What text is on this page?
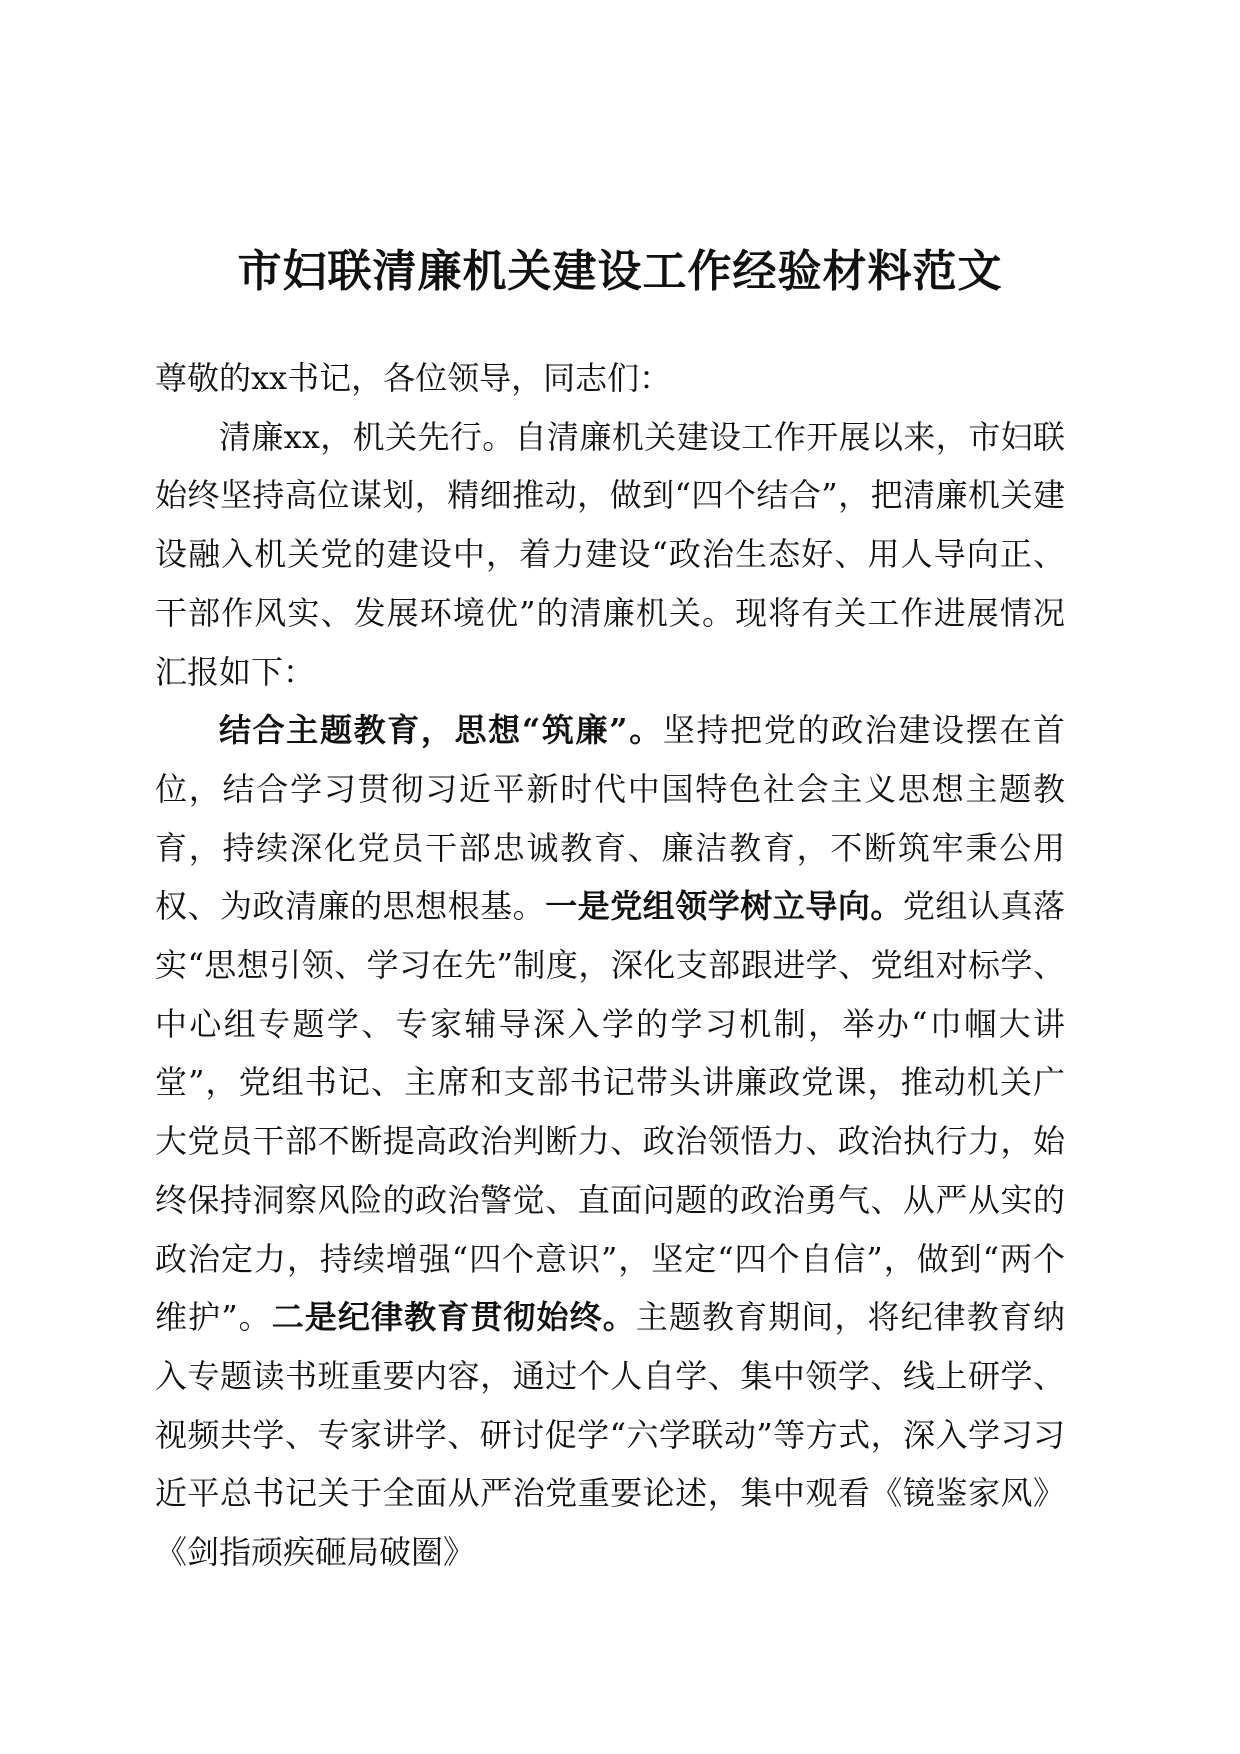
市妇联清廉机关建设工作经验材料范文

尊敬的xx书记，各位领导，同志们：

清廉xx，机关先行。自清廉机关建设工作开展以来，市妇联始终坚持高位谋划，精细推动，做到“四个结合”，把清廉机关建设融入机关党的建设中，着力建设“政治生态好、用人导向正、干部作风实、发展环境优”的清廉机关。现将有关工作进展情况汇报如下：

结合主题教育，思想“筑廉”。坚持把党的政治建设摆在首位，结合学习贯彻习近平新时代中国特色社会主义思想主题教育，持续深化党员干部忠诚教育、廉洁教育，不断筑牢秉公用权、为政清廉的思想根基。一是党组领学树立导向。党组认真落实“思想引领、学习在先”制度，深化支部跟进学、党组对标学、中心组专题学、专家辅导深入学的学习机制，举办“巾帼大讲堂”，党组书记、主席和支部书记带头讲廉政党课，推动机关广大党员干部不断提高政治判断力、政治领悟力、政治执行力，始终保持洞察风险的政治警觉、直面问题的政治勇气、从严从实的政治定力，持续增强“四个意识”，坚定“四个自信”，做到“两个维护”。二是纪律教育贯彻始终。主题教育期间，将纪律教育纳入专题读书班重要内容，通过个人自学、集中领学、线上研学、视频共学、专家讲学、研讨促学“六学联动”等方式，深入学习习近平总书记关于全面从严治党重要论述，集中观看《镜鉴家风》《剑指顽疾砸局破圈》
